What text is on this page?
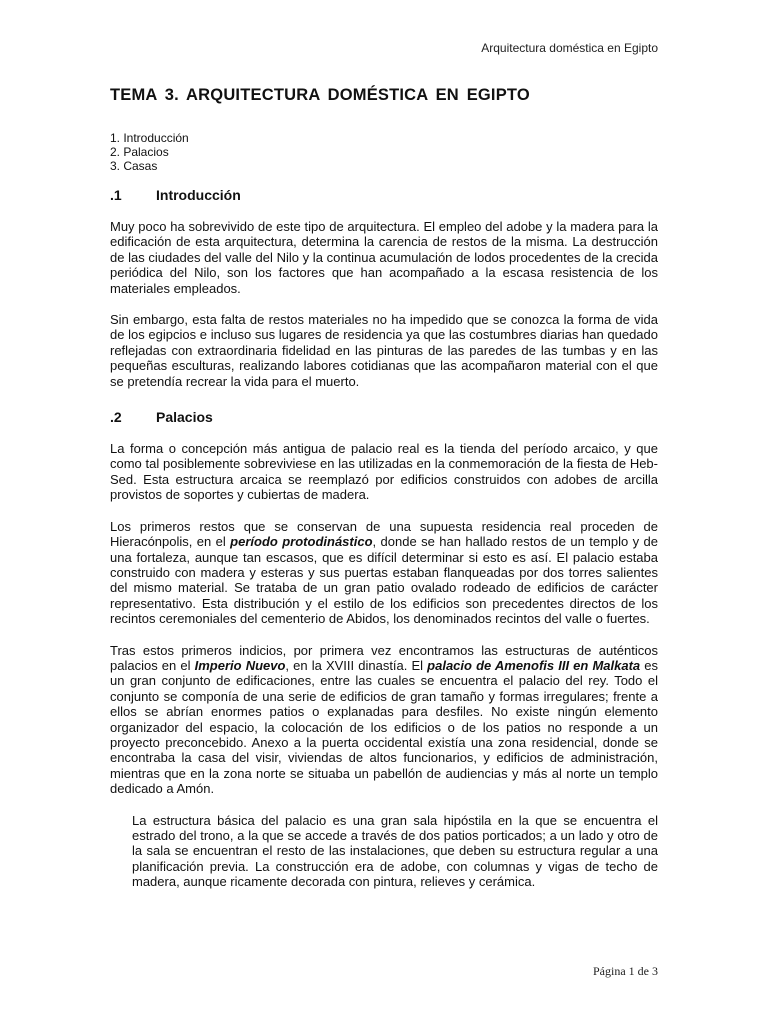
Arquitectura doméstica en Egipto
TEMA 3. ARQUITECTURA DOMÉSTICA EN EGIPTO
1. Introducción
2. Palacios
3. Casas
.1	Introducción

Muy poco ha sobrevivido de este tipo de arquitectura. El empleo del adobe y la madera para la edificación de esta arquitectura, determina la carencia de restos de la misma. La destrucción de las ciudades del valle del Nilo y la continua acumulación de lodos procedentes de la crecida periódica del Nilo, son los factores que han acompañado a la escasa resistencia de los materiales empleados.

Sin embargo, esta falta de restos materiales no ha impedido que se conozca la forma de vida de los egipcios e incluso sus lugares de residencia ya que las costumbres diarias han quedado reflejadas con extraordinaria fidelidad en las pinturas de las paredes de las tumbas y en las pequeñas esculturas, realizando labores cotidianas que las acompañaron material con el que se pretendía recrear la vida para el muerto.

.2	Palacios

La forma o concepción más antigua de palacio real es la tienda del período arcaico, y que como tal posiblemente sobreviviese en las utilizadas en la conmemoración de la fiesta de Heb-Sed. Esta estructura arcaica se reemplazó por edificios construidos con adobes de arcilla provistos de soportes y cubiertas de madera.

Los primeros restos que se conservan de una supuesta residencia real proceden de Hieracónpolis, en el período protodinástico, donde se han hallado restos de un templo y de una fortaleza, aunque tan escasos, que es difícil determinar si esto es así. El palacio estaba construido con madera y esteras y sus puertas estaban flanqueadas por dos torres salientes del mismo material. Se trataba de un gran patio ovalado rodeado de edificios de carácter representativo. Esta distribución y el estilo de los edificios son precedentes directos de los recintos ceremoniales del cementerio de Abidos, los denominados recintos del valle o fuertes.

Tras estos primeros indicios, por primera vez encontramos las estructuras de auténticos palacios en el Imperio Nuevo, en la XVIII dinastía. El palacio de Amenofis III en Malkata es un gran conjunto de edificaciones, entre las cuales se encuentra el palacio del rey. Todo el conjunto se componía de una serie de edificios de gran tamaño y formas irregulares; frente a ellos se abrían enormes patios o explanadas para desfiles. No existe ningún elemento organizador del espacio, la colocación de los edificios o de los patios no responde a un proyecto preconcebido. Anexo a la puerta occidental existía una zona residencial, donde se encontraba la casa del visir, viviendas de altos funcionarios, y edificios de administración, mientras que en la zona norte se situaba un pabellón de audiencias y más al norte un templo dedicado a Amón.

La estructura básica del palacio es una gran sala hipóstila en la que se encuentra el estrado del trono, a la que se accede a través de dos patios porticados; a un lado y otro de la sala se encuentran el resto de las instalaciones, que deben su estructura regular a una planificación previa. La construcción era de adobe, con columnas y vigas de techo de madera, aunque ricamente decorada con pintura, relieves y cerámica.

Página 1 de 3
